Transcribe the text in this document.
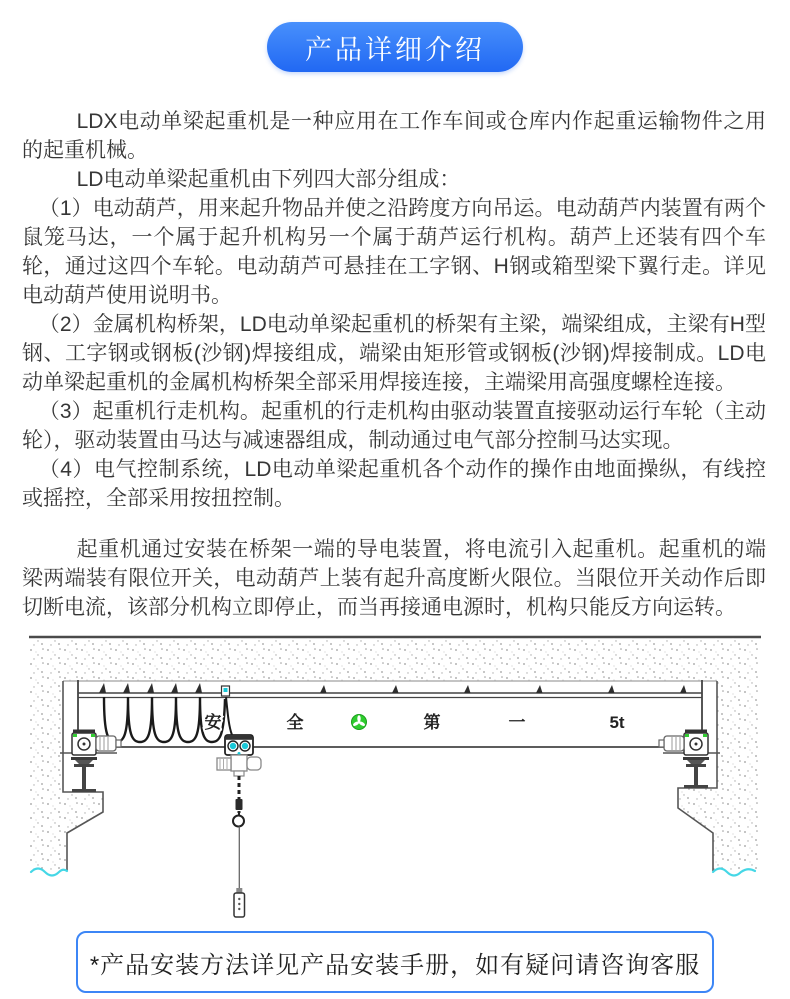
产品详细介绍

LDX电动单梁起重机是一种应用在工作车间或仓库内作起重运输物件之用的起重机械。

LD电动单梁起重机由下列四大部分组成：

（1）电动葫芦，用来起升物品并使之沿跨度方向吊运。电动葫芦内装置有两个鼠笼马达，一个属于起升机构另一个属于葫芦运行机构。葫芦上还装有四个车轮，通过这四个车轮。电动葫芦可悬挂在工字钢、H钢或箱型梁下翼行走。详见电动葫芦使用说明书。

（2）金属机构桥架，LD电动单梁起重机的桥架有主梁，端梁组成，主梁有H型钢、工字钢或钢板(沙钢)焊接组成，端梁由矩形管或钢板(沙钢)焊接制成。LD电动单梁起重机的金属机构桥架全部采用焊接连接，主端梁用高强度螺栓连接。

（3）起重机行走机构。起重机的行走机构由驱动装置直接驱动运行车轮（主动轮），驱动装置由马达与减速器组成，制动通过电气部分控制马达实现。

（4）电气控制系统，LD电动单梁起重机各个动作的操作由地面操纵，有线控或摇控，全部采用按扭控制。

起重机通过安装在桥架一端的导电装置，将电流引入起重机。起重机的端梁两端装有限位开关，电动葫芦上装有起升高度断火限位。当限位开关动作后即切断电流，该部分机构立即停止，而当再接通电源时，机构只能反方向运转。

安	全	第	一	5t
*产品安装方法详见产品安装手册，如有疑问请咨询客服
